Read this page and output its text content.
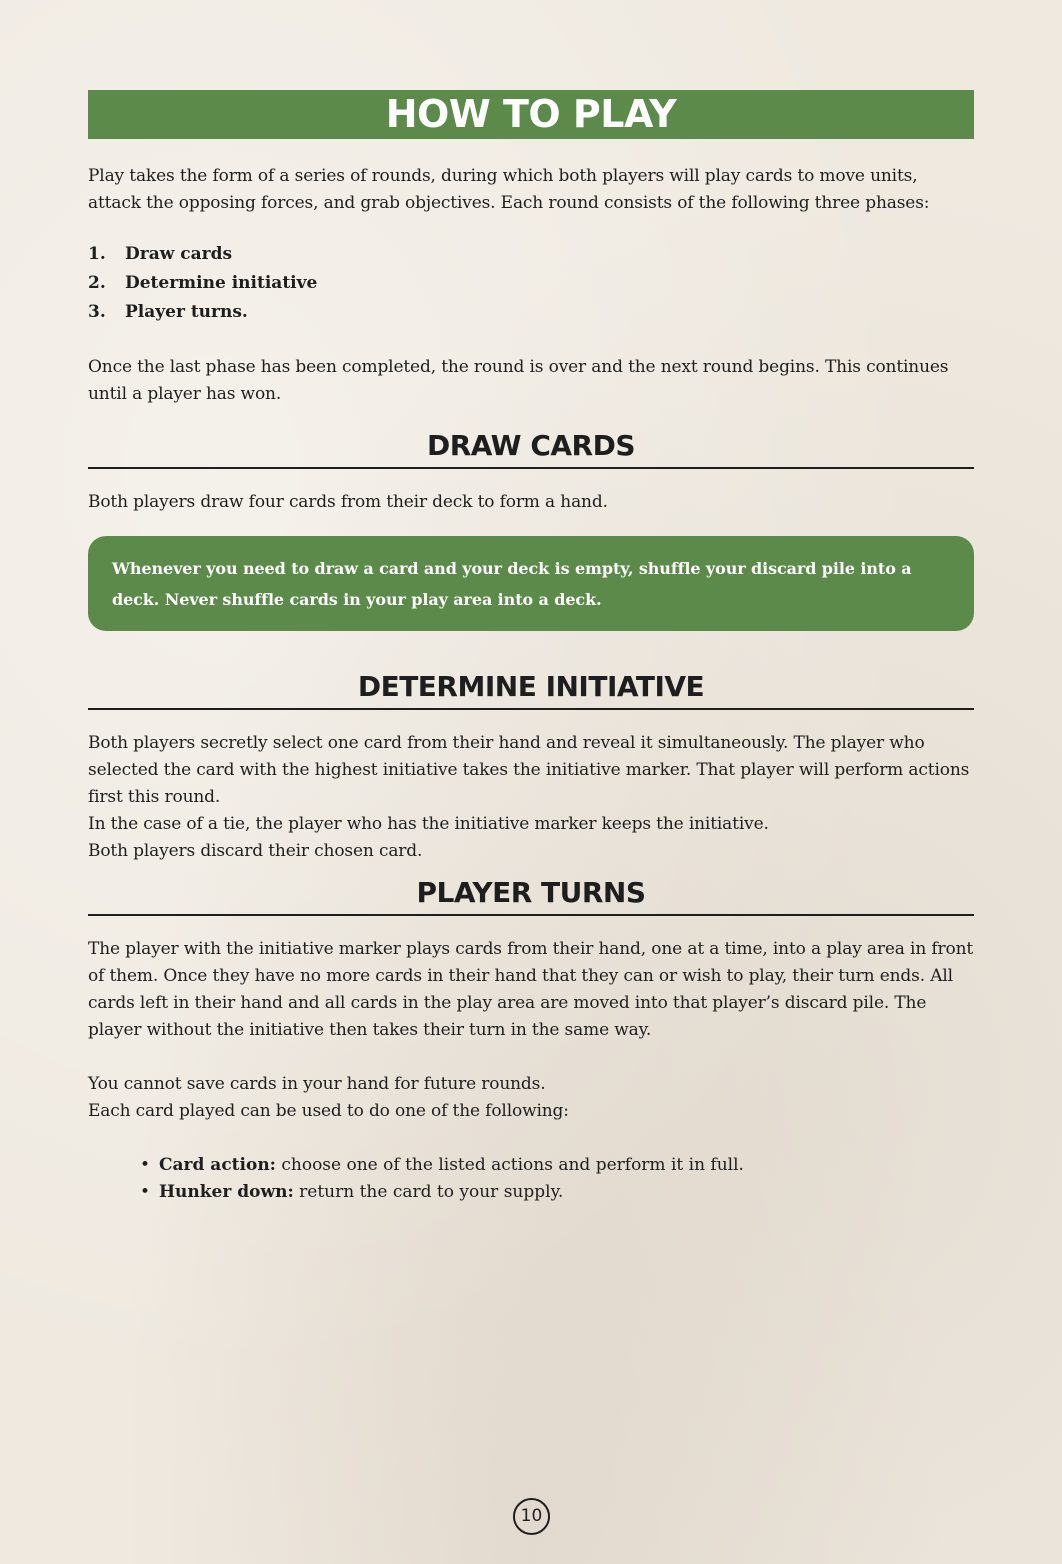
HOW TO PLAY

Play takes the form of a series of rounds, during which both players will play cards to move units, attack the opposing forces, and grab objectives. Each round consists of the following three phases:

1.	Draw cards
2.	Determine initiative
3.	Player turns.

Once the last phase has been completed, the round is over and the next round begins. This continues until a player has won.

DRAW CARDS

Both players draw four cards from their deck to form a hand.

Whenever you need to draw a card and your deck is empty, shuffle your discard pile into a deck. Never shuffle cards in your play area into a deck.
DETERMINE INITIATIVE

Both players secretly select one card from their hand and reveal it simultaneously. The player who selected the card with the highest initiative takes the initiative marker. That player will perform actions first this round.

In the case of a tie, the player who has the initiative marker keeps the initiative.

Both players discard their chosen card.

PLAYER TURNS

The player with the initiative marker plays cards from their hand, one at a time, into a play area in front of them. Once they have no more cards in their hand that they can or wish to play, their turn ends. All cards left in their hand and all cards in the play area are moved into that player’s discard pile. The player without the initiative then takes their turn in the same way.

You cannot save cards in your hand for future rounds.

Each card played can be used to do one of the following:

• Card action: choose one of the listed actions and perform it in full.
• Hunker down: return the card to your supply.
10
